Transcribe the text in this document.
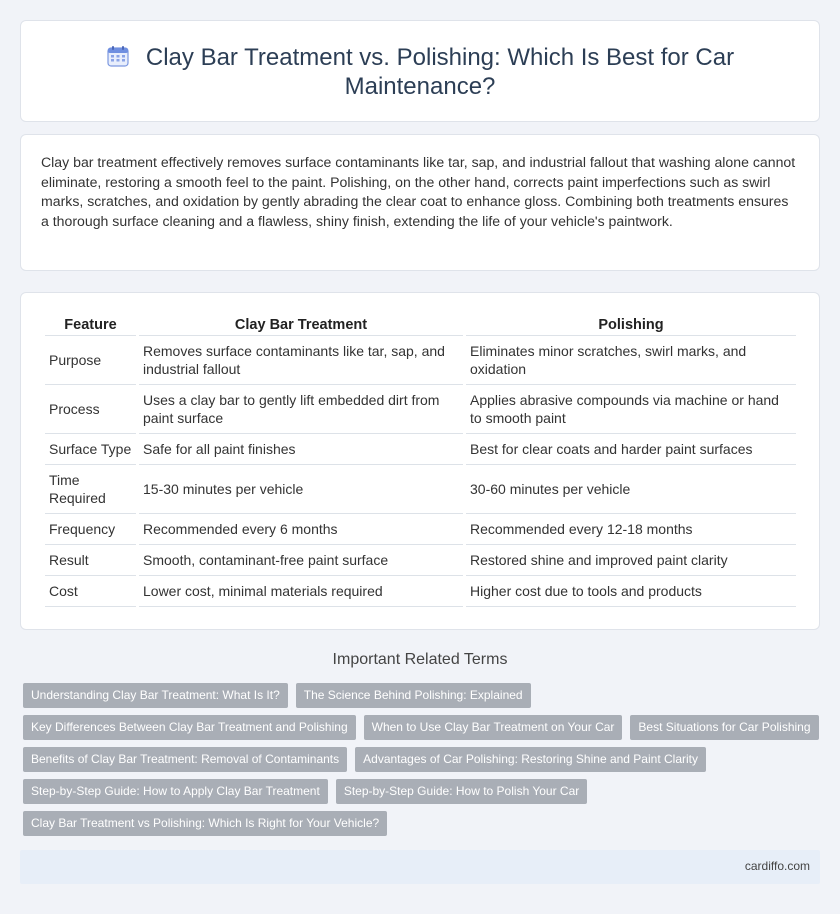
Clay Bar Treatment vs. Polishing: Which Is Best for Car Maintenance?

Clay bar treatment effectively removes surface contaminants like tar, sap, and industrial fallout that washing alone cannot eliminate, restoring a smooth feel to the paint. Polishing, on the other hand, corrects paint imperfections such as swirl marks, scratches, and oxidation by gently abrading the clear coat to enhance gloss. Combining both treatments ensures a thorough surface cleaning and a flawless, shiny finish, extending the life of your vehicle's paintwork.

Feature	Clay Bar Treatment	Polishing
Purpose	Removes surface contaminants like tar, sap, and industrial fallout	Eliminates minor scratches, swirl marks, and oxidation
Process	Uses a clay bar to gently lift embedded dirt from paint surface	Applies abrasive compounds via machine or hand to smooth paint
Surface Type	Safe for all paint finishes	Best for clear coats and harder paint surfaces
Time Required	15-30 minutes per vehicle	30-60 minutes per vehicle
Frequency	Recommended every 6 months	Recommended every 12-18 months
Result	Smooth, contaminant-free paint surface	Restored shine and improved paint clarity
Cost	Lower cost, minimal materials required	Higher cost due to tools and products
Important Related Terms
Understanding Clay Bar Treatment: What Is It?	The Science Behind Polishing: Explained
Key Differences Between Clay Bar Treatment and Polishing	When to Use Clay Bar Treatment on Your Car	Best Situations for Car Polishing
Benefits of Clay Bar Treatment: Removal of Contaminants	Advantages of Car Polishing: Restoring Shine and Paint Clarity
Step-by-Step Guide: How to Apply Clay Bar Treatment	Step-by-Step Guide: How to Polish Your Car
Clay Bar Treatment vs Polishing: Which Is Right for Your Vehicle?
cardiffo.com
